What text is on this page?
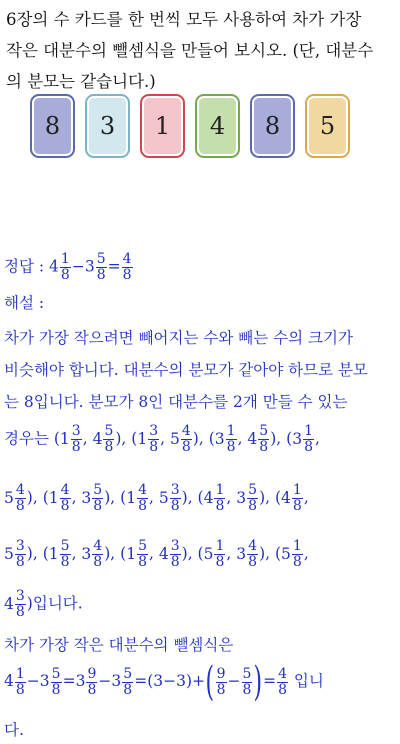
6장의 수 카드를 한 번씩 모두 사용하여 차가 가장
작은 대분수의 뺄셈식을 만들어 보시오. (단, 대분수
의 분모는 같습니다.)
8	3	1	4	8	5
정답 : $4 \frac{1}{8} -3 \frac{5}{8} = \frac{4}{8}$
해설 :
차가 가장 작으려면 빼어지는 수와 빼는 수의 크기가
비슷해야 합니다. 대분수의 분모가 같아야 하므로 분모
는 8입니다. 분모가 8인 대분수를 2개 만들 수 있는
경우는 ($1 \frac{3}{8}$ , $4 \frac{5}{8}$ ), ($1 \frac{3}{8}$ , $5 \frac{4}{8}$ ), ($3 \frac{1}{8}$ , $4 \frac{5}{8}$ ), ($3 \frac{1}{8}$ ,
$5 \frac{4}{8}$ ), ($1 \frac{4}{8}$ , $3 \frac{5}{8}$ ), ($1 \frac{4}{8}$ , $5 \frac{3}{8}$ ), ($4 \frac{1}{8}$ , $3 \frac{5}{8}$ ), ($4 \frac{1}{8}$ ,
$5 \frac{3}{8}$ ), ($1 \frac{5}{8}$ , $3 \frac{4}{8}$ ), ($1 \frac{5}{8}$ , $4 \frac{3}{8}$ ), ($5 \frac{1}{8}$ , $3 \frac{4}{8}$ ), ($5 \frac{1}{8}$ ,
$4 \frac{3}{8}$ )입니다.
차가 가장 작은 대분수의 뺄셈식은
$4 \frac{1}{8} -3 \frac{5}{8} =3 \frac{9}{8} -3 \frac{5}{8} =(3-3)+( \frac{9}{8} - \frac{5}{8}$ )= $\frac{4}{8}$ 입니
다.
